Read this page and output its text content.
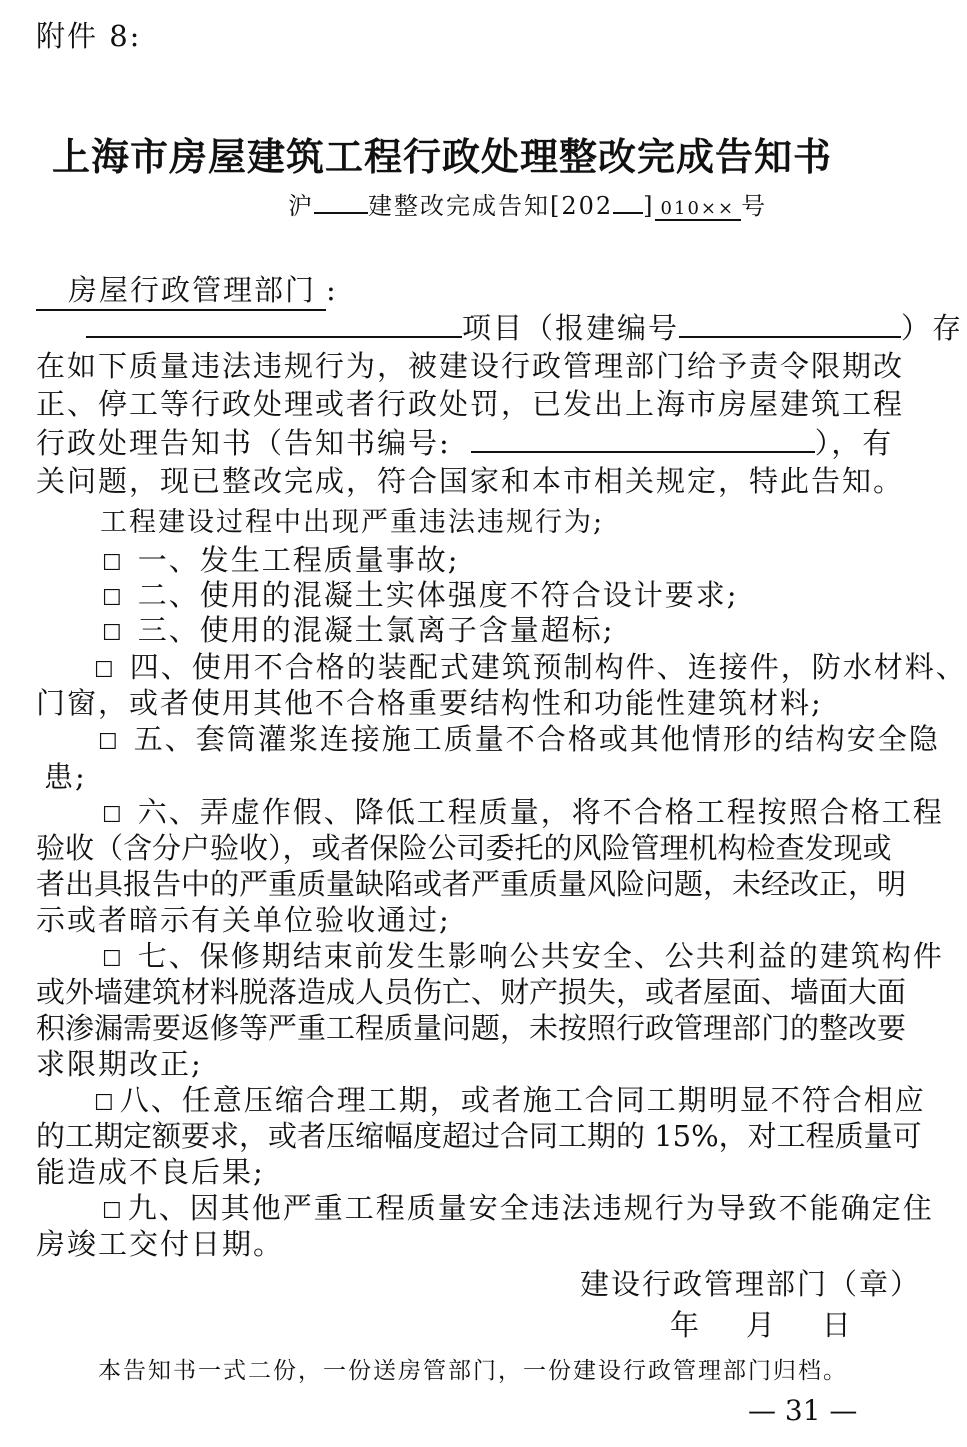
附件 8:
上海市房屋建筑工程行政处理整改完成告知书
沪 建整改完成告知[202 ] 010×× 号
房屋行政管理部门 :
项目（报建编号	）存
在如下质量违法违规行为，被建设行政管理部门给予责令限期改
正、停工等行政处理或者行政处罚，已发出上海市房屋建筑工程
行政处理告知书（告知书编号:	），有
关问题，现已整改完成，符合国家和本市相关规定，特此告知。
工程建设过程中出现严重违法违规行为;
☐ 一、发生工程质量事故;
☐ 二、使用的混凝土实体强度不符合设计要求;
☐ 三、使用的混凝土氯离子含量超标;
☐ 四、使用不合格的装配式建筑预制构件、连接件，防水材料、
门窗，或者使用其他不合格重要结构性和功能性建筑材料;
☐ 五、套筒灌浆连接施工质量不合格或其他情形的结构安全隐
患;
☐ 六、弄虚作假、降低工程质量，将不合格工程按照合格工程
验收（含分户验收），或者保险公司委托的风险管理机构检查发现或
者出具报告中的严重质量缺陷或者严重质量风险问题，未经改正，明
示或者暗示有关单位验收通过;
☐ 七、保修期结束前发生影响公共安全、公共利益的建筑构件
或外墙建筑材料脱落造成人员伤亡、财产损失，或者屋面、墙面大面
积渗漏需要返修等严重工程质量问题，未按照行政管理部门的整改要
求限期改正;
☐ 八、任意压缩合理工期，或者施工合同工期明显不符合相应
的工期定额要求，或者压缩幅度超过合同工期的 15%，对工程质量可
能造成不良后果;
☐ 九、因其他严重工程质量安全违法违规行为导致不能确定住
房竣工交付日期。
建设行政管理部门（章）
年    月    日
本告知书一式二份，一份送房管部门，一份建设行政管理部门归档。
— 31 —
